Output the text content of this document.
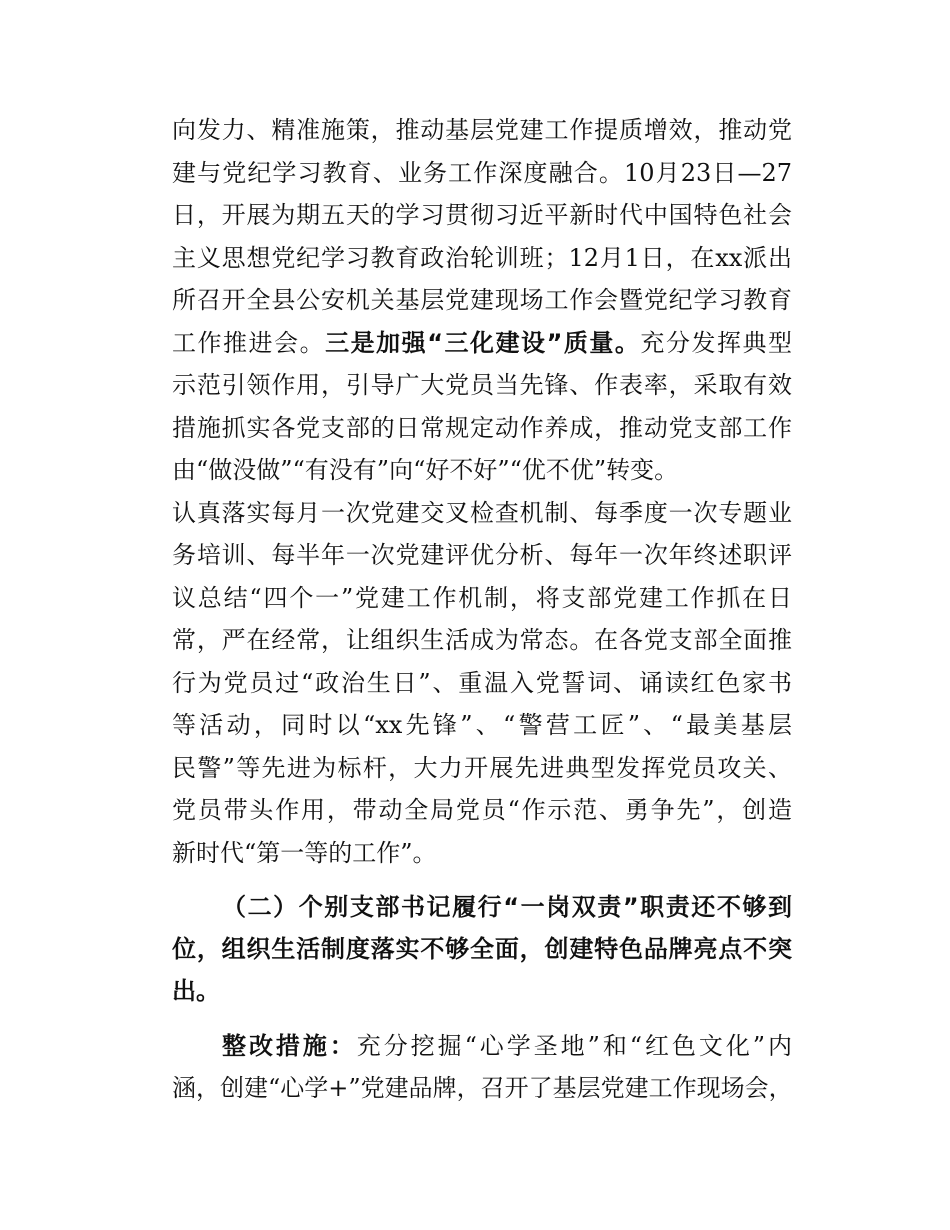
向发力、精准施策，推动基层党建工作提质增效，推动党
建与党纪学习教育、业务工作深度融合。10月23日—27
日，开展为期五天的学习贯彻习近平新时代中国特色社会
主义思想党纪学习教育政治轮训班；12月1日，在xx派出
所召开全县公安机关基层党建现场工作会暨党纪学习教育
工作推进会。三是加强“三化建设”质量。充分发挥典型
示范引领作用，引导广大党员当先锋、作表率，采取有效
措施抓实各党支部的日常规定动作养成，推动党支部工作
由“做没做”“有没有”向“好不好”“优不优”转变。
认真落实每月一次党建交叉检查机制、每季度一次专题业
务培训、每半年一次党建评优分析、每年一次年终述职评
议总结“四个一”党建工作机制，将支部党建工作抓在日
常，严在经常，让组织生活成为常态。在各党支部全面推
行为党员过“政治生日”、重温入党誓词、诵读红色家书
等活动，同时以“xx先锋”、“警营工匠”、“最美基层
民警”等先进为标杆，大力开展先进典型发挥党员攻关、
党员带头作用，带动全局党员“作示范、勇争先”，创造
新时代“第一等的工作”。
（二）个别支部书记履行“一岗双责”职责还不够到
位，组织生活制度落实不够全面，创建特色品牌亮点不突
出。
整改措施：充分挖掘“心学圣地”和“红色文化”内
涵，创建“心学+”党建品牌，召开了基层党建工作现场会，
